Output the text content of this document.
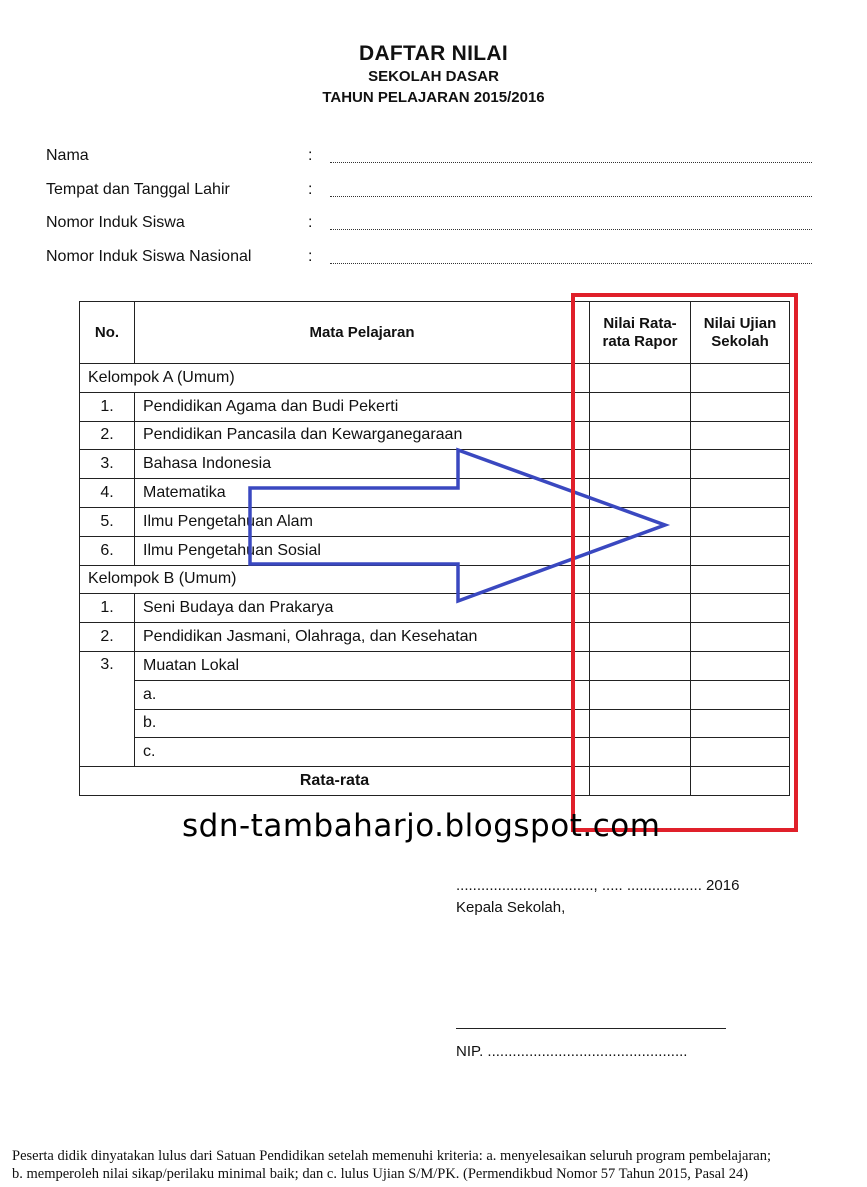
DAFTAR NILAI
SEKOLAH DASAR
TAHUN PELAJARAN 2015/2016
Nama	:
Tempat dan Tanggal Lahir	:
Nomor Induk Siswa	:
Nomor Induk Siswa Nasional	:
No.	Mata Pelajaran	Nilai Rata-rata Rapor	Nilai Ujian Sekolah
Kelompok A (Umum)			
1.	Pendidikan Agama dan Budi Pekerti		
2.	Pendidikan Pancasila dan Kewarganegaraan		
3.	Bahasa Indonesia		
4.	Matematika		
5.	Ilmu Pengetahuan Alam		
6.	Ilmu Pengetahuan Sosial		
Kelompok B (Umum)			
1.	Seni Budaya dan Prakarya		
2.	Pendidikan Jasmani, Olahraga, dan Kesehatan		
3.	Muatan Lokal		
	a.		
	b.		
	c.		
Rata-rata			
sdn-tambaharjo.blogspot.com
................................., ..... .................. 2016
Kepala Sekolah,
NIP. ................................................
Peserta didik dinyatakan lulus dari Satuan Pendidikan setelah memenuhi kriteria: a. menyelesaikan seluruh program pembelajaran;
b. memperoleh nilai sikap/perilaku minimal baik; dan c. lulus Ujian S/M/PK. (Permendikbud Nomor 57 Tahun 2015, Pasal 24)
